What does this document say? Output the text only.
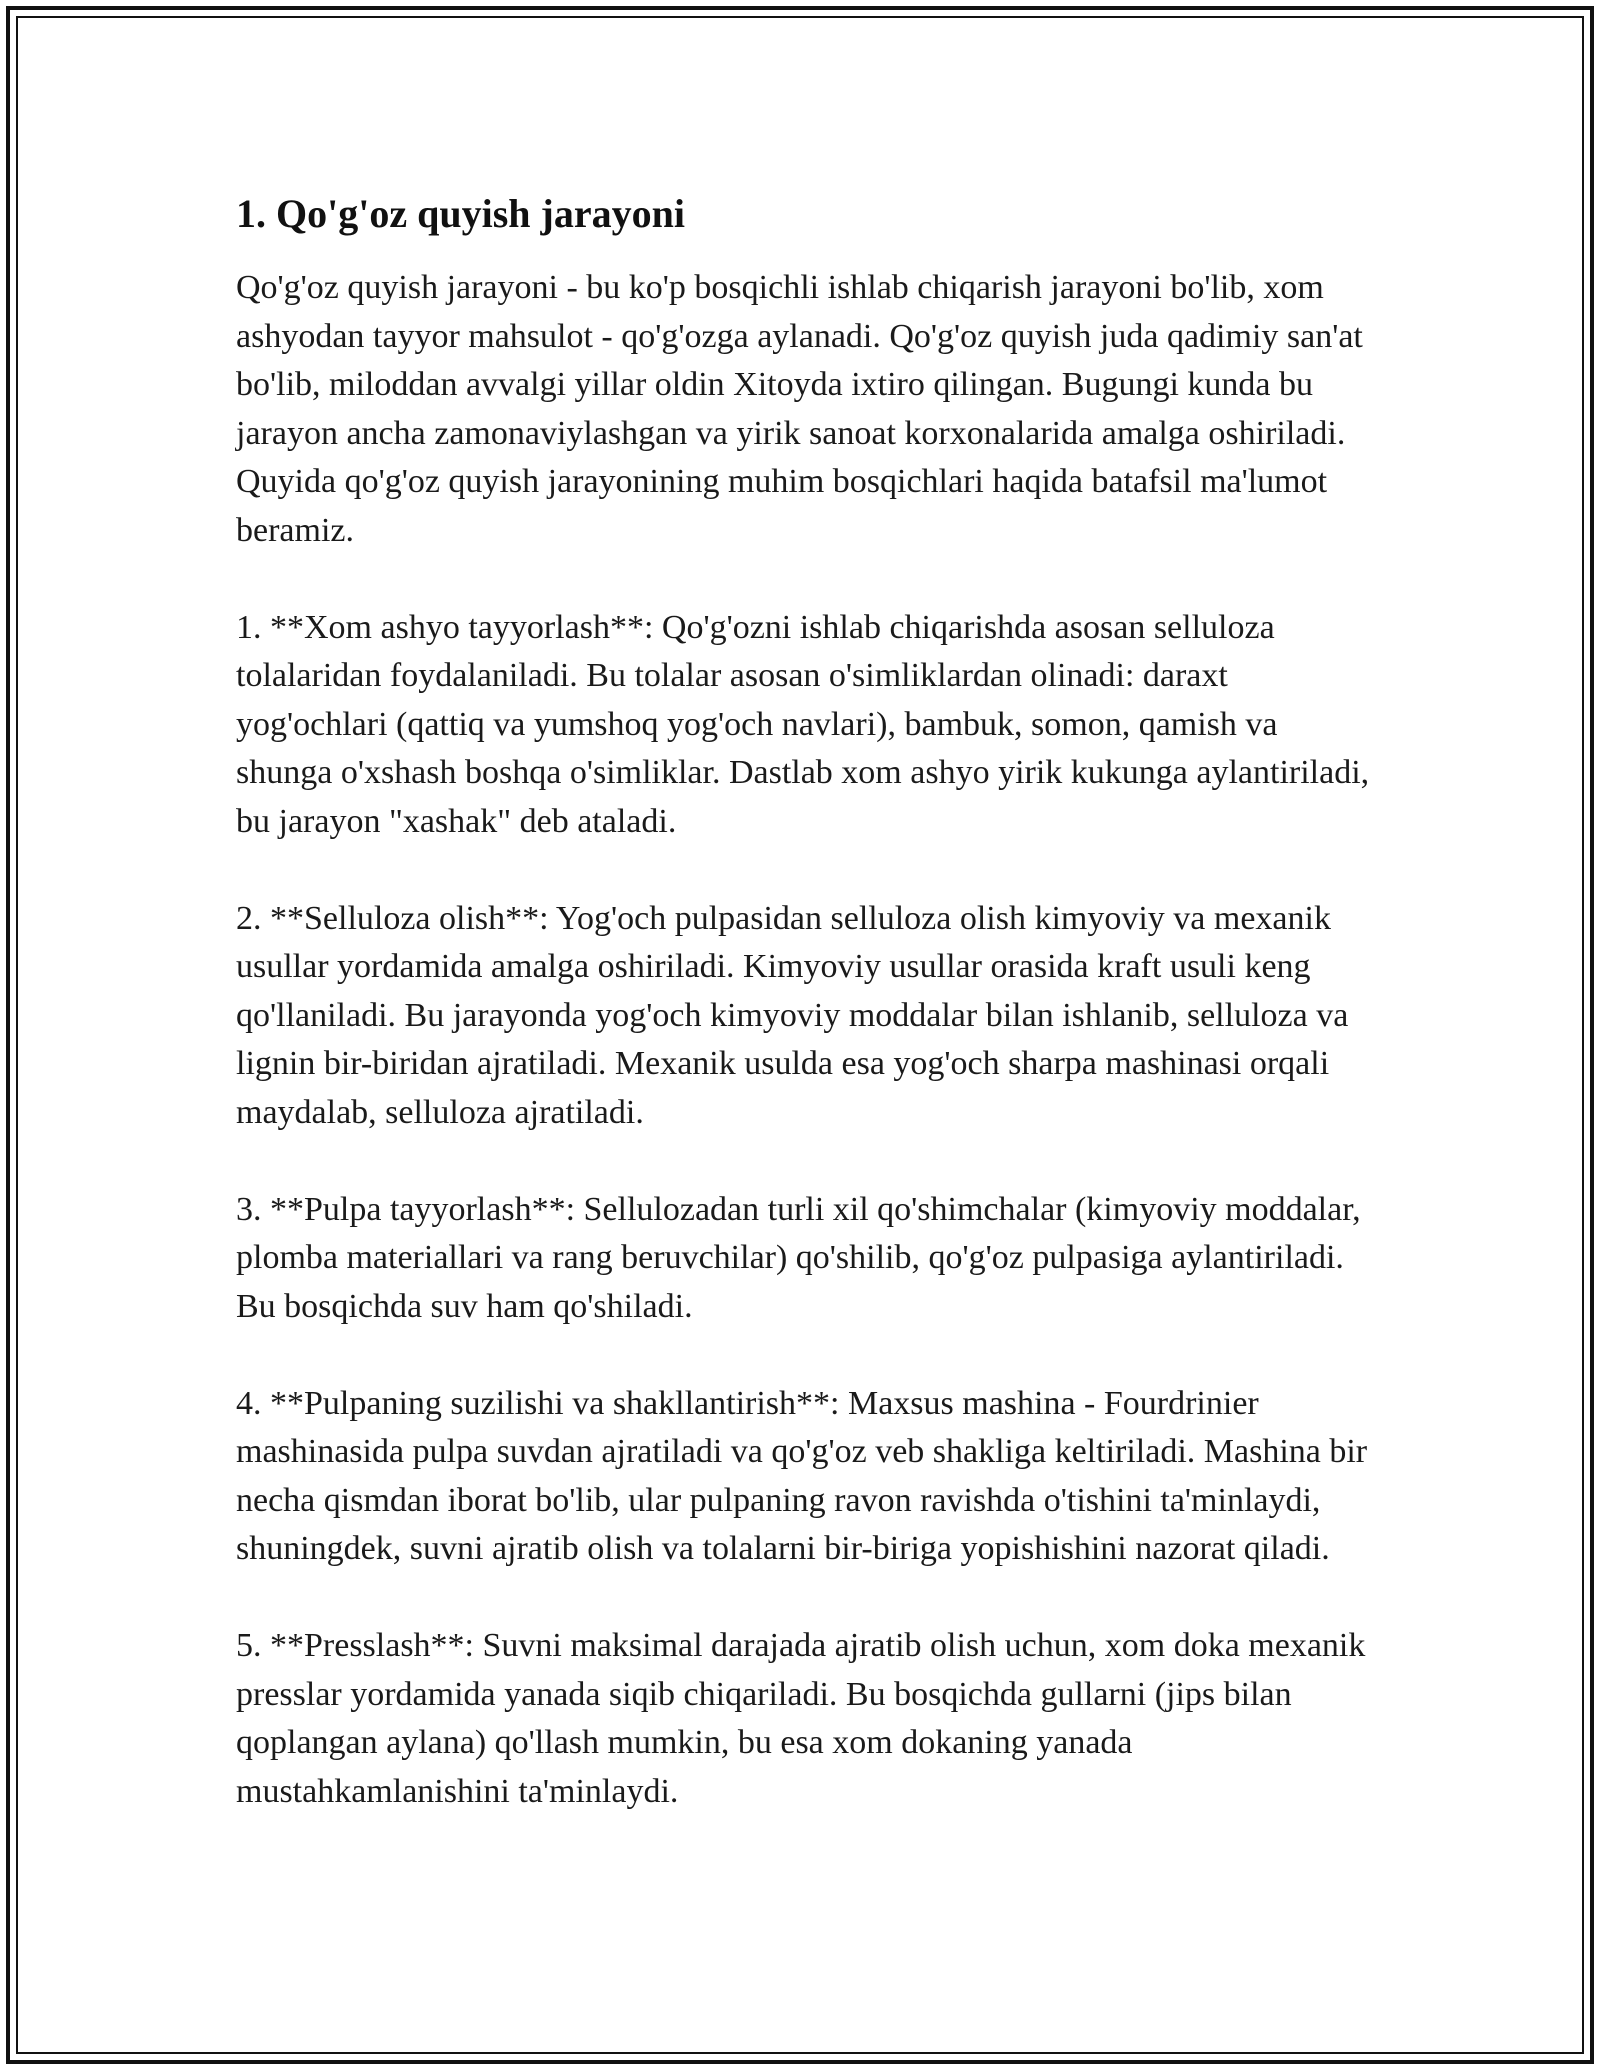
1. Qo'g'oz quyish jarayoni

Qo'g'oz quyish jarayoni - bu ko'p bosqichli ishlab chiqarish jarayoni bo'lib, xom ashyodan tayyor mahsulot - qo'g'ozga aylanadi. Qo'g'oz quyish juda qadimiy san'at bo'lib, miloddan avvalgi yillar oldin Xitoyda ixtiro qilingan. Bugungi kunda bu jarayon ancha zamonaviylashgan va yirik sanoat korxonalarida amalga oshiriladi. Quyida qo'g'oz quyish jarayonining muhim bosqichlari haqida batafsil ma'lumot beramiz.

1. **Xom ashyo tayyorlash**: Qo'g'ozni ishlab chiqarishda asosan selluloza tolalaridan foydalaniladi. Bu tolalar asosan o'simliklardan olinadi: daraxt yog'ochlari (qattiq va yumshoq yog'och navlari), bambuk, somon, qamish va shunga o'xshash boshqa o'simliklar. Dastlab xom ashyo yirik kukunga aylantiriladi, bu jarayon "xashak" deb ataladi.

2. **Selluloza olish**: Yog'och pulpasidan selluloza olish kimyoviy va mexanik usullar yordamida amalga oshiriladi. Kimyoviy usullar orasida kraft usuli keng qo'llaniladi. Bu jarayonda yog'och kimyoviy moddalar bilan ishlanib, selluloza va lignin bir-biridan ajratiladi. Mexanik usulda esa yog'och sharpa mashinasi orqali maydalab, selluloza ajratiladi.

3. **Pulpa tayyorlash**: Sellulozadan turli xil qo'shimchalar (kimyoviy moddalar, plomba materiallari va rang beruvchilar) qo'shilib, qo'g'oz pulpasiga aylantiriladi. Bu bosqichda suv ham qo'shiladi.

4. **Pulpaning suzilishi va shakllantirish**: Maxsus mashina - Fourdrinier mashinasida pulpa suvdan ajratiladi va qo'g'oz veb shakliga keltiriladi. Mashina bir necha qismdan iborat bo'lib, ular pulpaning ravon ravishda o'tishini ta'minlaydi, shuningdek, suvni ajratib olish va tolalarni bir-biriga yopishishini nazorat qiladi.

5. **Presslash**: Suvni maksimal darajada ajratib olish uchun, xom doka mexanik presslar yordamida yanada siqib chiqariladi. Bu bosqichda gullarni (jips bilan qoplangan aylana) qo'llash mumkin, bu esa xom dokaning yanada mustahkamlanishini ta'minlaydi.
